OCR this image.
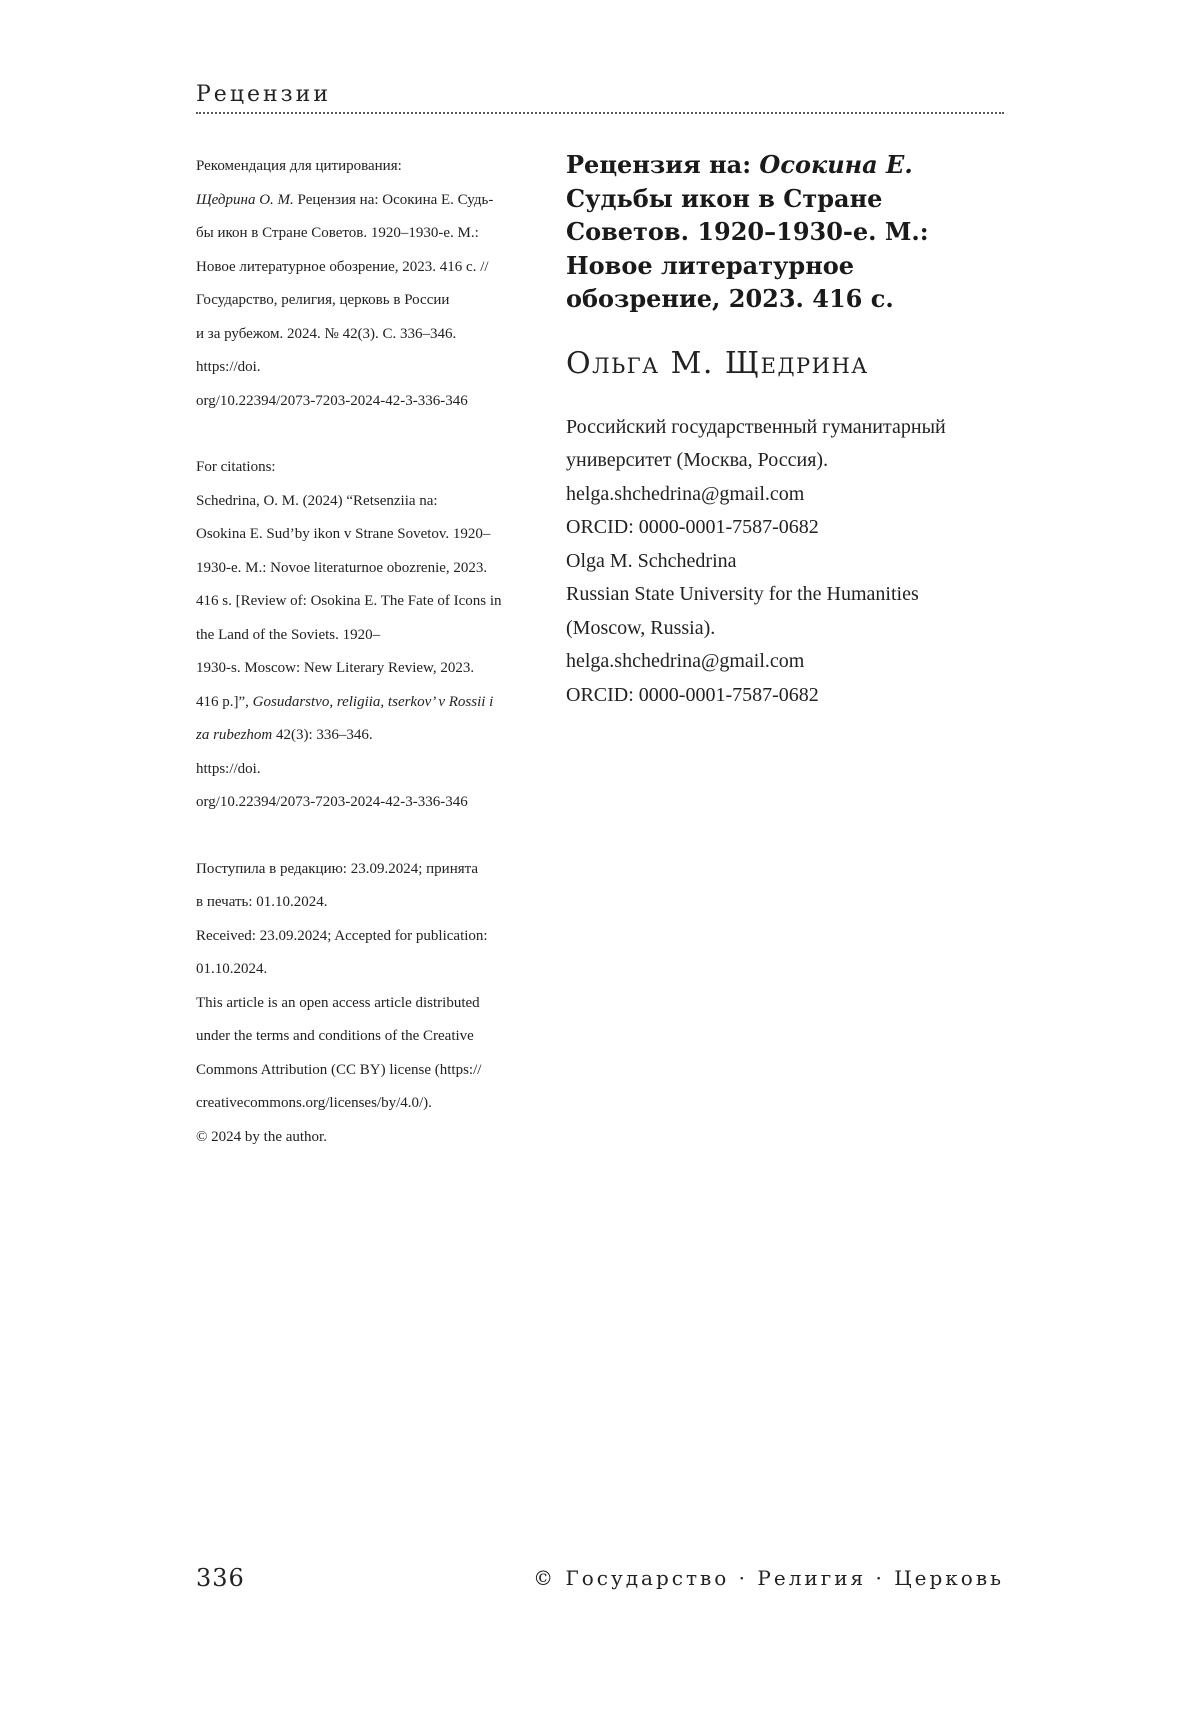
Рецензии
Рекомендация для цитирования:
Щедрина О. М. Рецензия на: Осокина Е. Судь-
бы икон в Стране Советов. 1920–1930-е. М.:
Новое литературное обозрение, 2023. 416 с. //
Государство, религия, церковь в России
и за рубежом. 2024. № 42(3). С. 336–346.
https://doi.
org/10.22394/2073-7203-2024-42-3-336-346
For citations:
Schedrina, O. M. (2024) “Retsenziia na:
Osokina E. Sud’by ikon v Strane Sovetov. 1920–
1930-e. M.: Novoe literaturnoe obozrenie, 2023.
416 s. [Review of: Osokina E. The Fate of Icons in
the Land of the Soviets. 1920–
1930-s. Moscow: New Literary Review, 2023.
416 p.]”, Gosudarstvo, religiia, tserkov’ v Rossii i
za rubezhom 42(3): 336–346.
https://doi.
org/10.22394/2073-7203-2024-42-3-336-346
Поступила в редакцию: 23.09.2024; принята
в печать: 01.10.2024.
Received: 23.09.2024; Accepted for publication:
01.10.2024.
This article is an open access article distributed
under the terms and conditions of the Creative
Commons Attribution (CC BY) license (https://
creativecommons.org/licenses/by/4.0/).
© 2024 by the author.
Рецензия на: Осокина Е. Судьбы икон в Стране Советов. 1920–1930-е. М.: Новое литературное обозрение, 2023. 416 с.
Ольга М. Щедрина
Российский государственный гуманитарный
университет (Москва, Россия).
helga.shchedrina@gmail.com
ORCID: 0000-0001-7587-0682
Olga M. Schchedrina
Russian State University for the Humanities
(Moscow, Russia).
helga.shchedrina@gmail.com
ORCID: 0000-0001-7587-0682
336	© Государство · Религия · Церковь
